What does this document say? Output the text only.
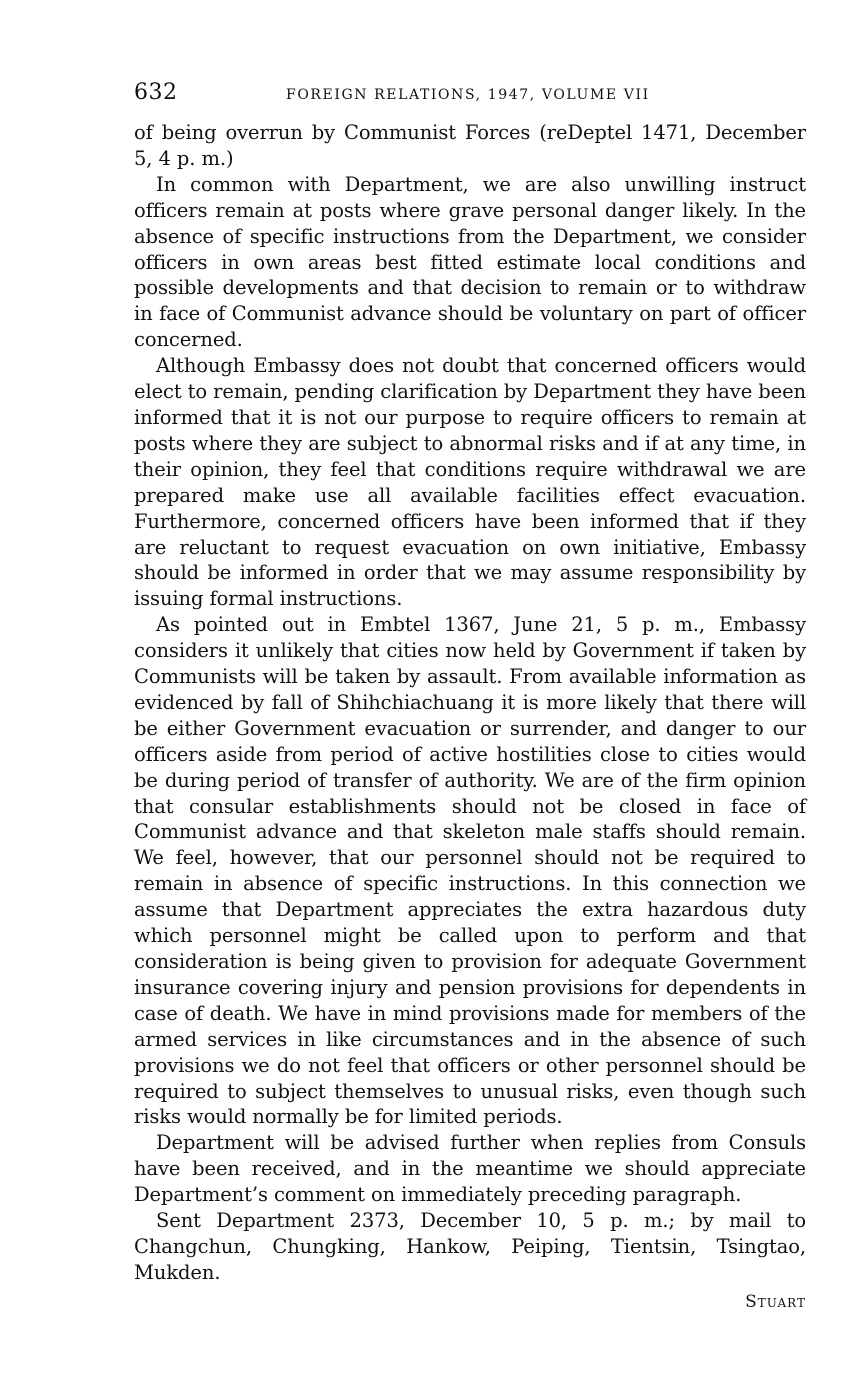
632	FOREIGN RELATIONS, 1947, VOLUME VII

of being overrun by Communist Forces (reDeptel 1471, December 5, 4 p. m.)

In common with Department, we are also unwilling instruct officers remain at posts where grave personal danger likely. In the absence of specific instructions from the Department, we consider officers in own areas best fitted estimate local conditions and possible developments and that decision to remain or to withdraw in face of Communist advance should be voluntary on part of officer concerned.

Although Embassy does not doubt that concerned officers would elect to remain, pending clarification by Department they have been informed that it is not our purpose to require officers to remain at posts where they are subject to abnormal risks and if at any time, in their opinion, they feel that conditions require withdrawal we are prepared make use all available facilities effect evacuation. Furthermore, concerned officers have been informed that if they are reluctant to request evacuation on own initiative, Embassy should be informed in order that we may assume responsibility by issuing formal instructions.

As pointed out in Embtel 1367, June 21, 5 p. m., Embassy considers it unlikely that cities now held by Government if taken by Communists will be taken by assault. From available information as evidenced by fall of Shihchiachuang it is more likely that there will be either Government evacuation or surrender, and danger to our officers aside from period of active hostilities close to cities would be during period of transfer of authority. We are of the firm opinion that consular establishments should not be closed in face of Communist advance and that skeleton male staffs should remain. We feel, however, that our personnel should not be required to remain in absence of specific instructions. In this connection we assume that Department appreciates the extra hazardous duty which personnel might be called upon to perform and that consideration is being given to provision for adequate Government insurance covering injury and pension provisions for dependents in case of death. We have in mind provisions made for members of the armed services in like circumstances and in the absence of such provisions we do not feel that officers or other personnel should be required to subject themselves to unusual risks, even though such risks would normally be for limited periods.

Department will be advised further when replies from Consuls have been received, and in the meantime we should appreciate Department’s comment on immediately preceding paragraph.

Sent Department 2373, December 10, 5 p. m.; by mail to Changchun, Chungking, Hankow, Peiping, Tientsin, Tsingtao, Mukden.

Stuart
